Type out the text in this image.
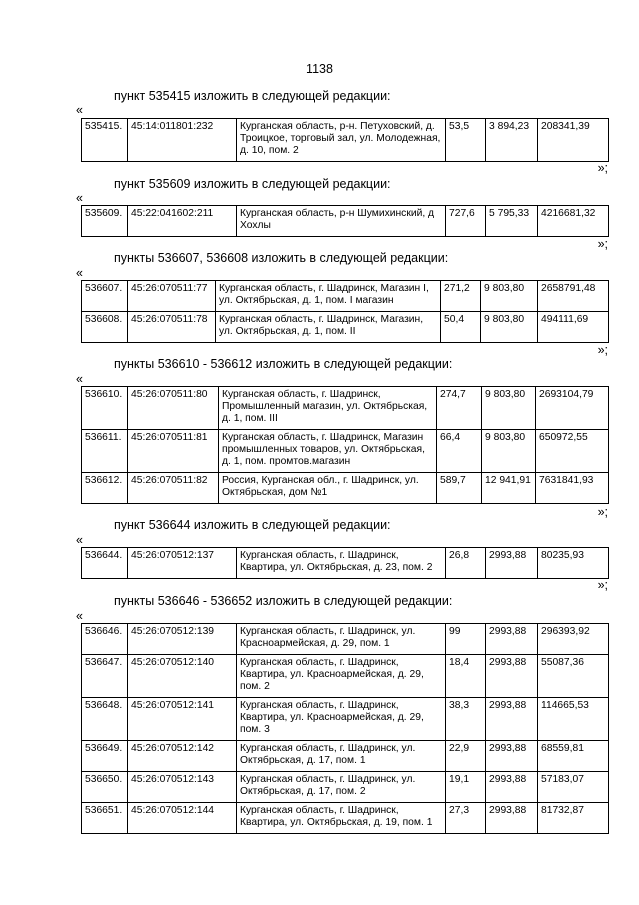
1138
пункт 535415 изложить в следующей редакции:
«
535415.	45:14:011801:232	Курганская область, р-н. Петуховский, д. Троицкое, торговый зал, ул. Молодежная, д. 10, пом. 2	53,5	3 894,23	208341,39
»;
пункт 535609 изложить в следующей редакции:
«
535609.	45:22:041602:211	Курганская область, р-н Шумихинский, д Хохлы	727,6	5 795,33	4216681,32
»;
пункты 536607, 536608 изложить в следующей редакции:
«
536607.	45:26:070511:77	Курганская область, г. Шадринск, Магазин I, ул. Октябрьская, д. 1, пом. I магазин	271,2	9 803,80	2658791,48
536608.	45:26:070511:78	Курганская область, г. Шадринск, Магазин, ул. Октябрьская, д. 1, пом. II	50,4	9 803,80	494111,69
»;
пункты 536610 - 536612 изложить в следующей редакции:
«
536610.	45:26:070511:80	Курганская область, г. Шадринск, Промышленный магазин, ул. Октябрьская, д. 1, пом. III	274,7	9 803,80	2693104,79
536611.	45:26:070511:81	Курганская область, г. Шадринск, Магазин промышленных товаров, ул. Октябрьская, д. 1, пом. промтов.магазин	66,4	9 803,80	650972,55
536612.	45:26:070511:82	Россия, Курганская обл., г. Шадринск, ул. Октябрьская, дом №1	589,7	12 941,91	7631841,93
»;
пункт 536644 изложить в следующей редакции:
«
536644.	45:26:070512:137	Курганская область, г. Шадринск, Квартира, ул. Октябрьская, д. 23, пом. 2	26,8	2993,88	80235,93
»;
пункты 536646 - 536652 изложить в следующей редакции:
«
536646.	45:26:070512:139	Курганская область, г. Шадринск, ул. Красноармейская, д. 29, пом. 1	99	2993,88	296393,92
536647.	45:26:070512:140	Курганская область, г. Шадринск, Квартира, ул. Красноармейская, д. 29, пом. 2	18,4	2993,88	55087,36
536648.	45:26:070512:141	Курганская область, г. Шадринск, Квартира, ул. Красноармейская, д. 29, пом. 3	38,3	2993,88	114665,53
536649.	45:26:070512:142	Курганская область, г. Шадринск, ул. Октябрьская, д. 17, пом. 1	22,9	2993,88	68559,81
536650.	45:26:070512:143	Курганская область, г. Шадринск, ул. Октябрьская, д. 17, пом. 2	19,1	2993,88	57183,07
536651.	45:26:070512:144	Курганская область, г. Шадринск, Квартира, ул. Октябрьская, д. 19, пом. 1	27,3	2993,88	81732,87
